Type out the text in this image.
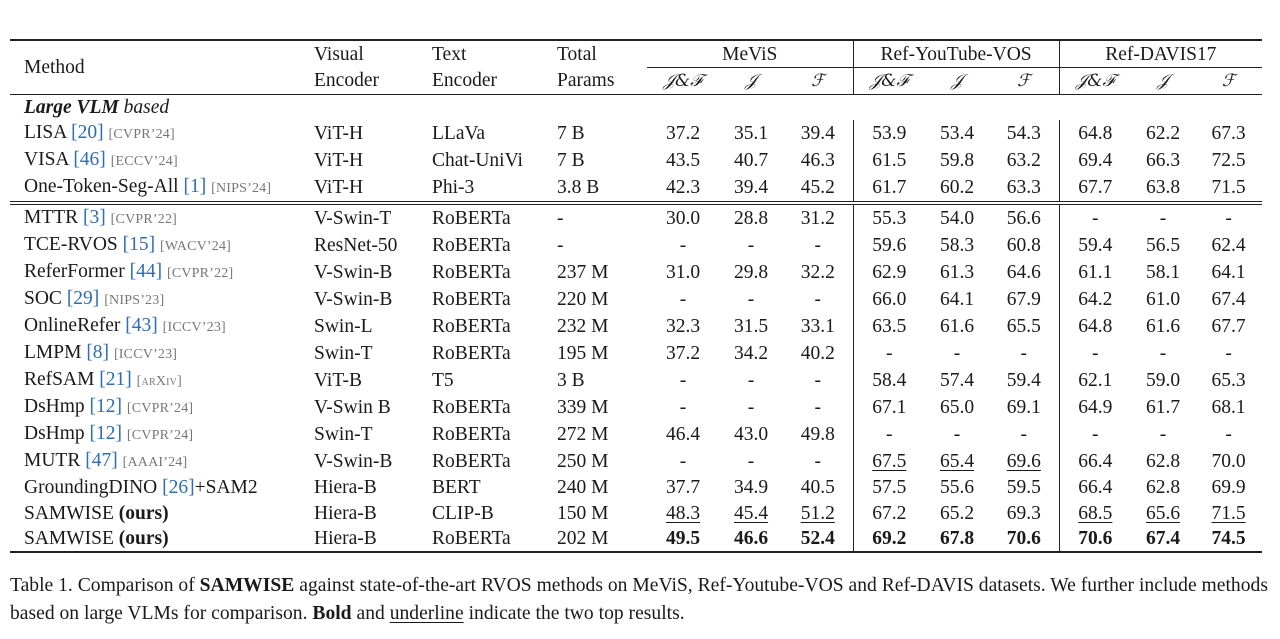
Method	Visual	Text	Total	MeViS			Ref-YouTube-VOS			Ref-DAVIS17		
	Encoder	Encoder	Params	𝒥&ℱ	𝒥	ℱ	𝒥&ℱ	𝒥	ℱ	𝒥&ℱ	𝒥	ℱ
Large VLM based												
LISA [20] [CVPR’24]	ViT-H	LLaVa	7 B	37.2	35.1	39.4	53.9	53.4	54.3	64.8	62.2	67.3
VISA [46] [ECCV’24]	ViT-H	Chat-UniVi	7 B	43.5	40.7	46.3	61.5	59.8	63.2	69.4	66.3	72.5
One-Token-Seg-All [1] [NIPS’24]	ViT-H	Phi-3	3.8 B	42.3	39.4	45.2	61.7	60.2	63.3	67.7	63.8	71.5
MTTR [3] [CVPR’22]	V-Swin-T	RoBERTa	-	30.0	28.8	31.2	55.3	54.0	56.6	-	-	-
TCE-RVOS [15] [WACV’24]	ResNet-50	RoBERTa	-	-	-	-	59.6	58.3	60.8	59.4	56.5	62.4
ReferFormer [44] [CVPR’22]	V-Swin-B	RoBERTa	237 M	31.0	29.8	32.2	62.9	61.3	64.6	61.1	58.1	64.1
SOC [29] [NIPS’23]	V-Swin-B	RoBERTa	220 M	-	-	-	66.0	64.1	67.9	64.2	61.0	67.4
OnlineRefer [43] [ICCV’23]	Swin-L	RoBERTa	232 M	32.3	31.5	33.1	63.5	61.6	65.5	64.8	61.6	67.7
LMPM [8] [ICCV’23]	Swin-T	RoBERTa	195 M	37.2	34.2	40.2	-	-	-	-	-	-
RefSAM [21] [arXiv]	ViT-B	T5	3 B	-	-	-	58.4	57.4	59.4	62.1	59.0	65.3
DsHmp [12] [CVPR’24]	V-Swin B	RoBERTa	339 M	-	-	-	67.1	65.0	69.1	64.9	61.7	68.1
DsHmp [12] [CVPR’24]	Swin-T	RoBERTa	272 M	46.4	43.0	49.8	-	-	-	-	-	-
MUTR [47] [AAAI’24]	V-Swin-B	RoBERTa	250 M	-	-	-	67.5	65.4	69.6	66.4	62.8	70.0
GroundingDINO [26]+SAM2	Hiera-B	BERT	240 M	37.7	34.9	40.5	57.5	55.6	59.5	66.4	62.8	69.9
SAMWISE (ours)	Hiera-B	CLIP-B	150 M	48.3	45.4	51.2	67.2	65.2	69.3	68.5	65.6	71.5
SAMWISE (ours)	Hiera-B	RoBERTa	202 M	49.5	46.6	52.4	69.2	67.8	70.6	70.6	67.4	74.5
Table 1. Comparison of SAMWISE against state-of-the-art RVOS methods on MeViS, Ref-Youtube-VOS and Ref-DAVIS datasets. We further include methods based on large VLMs for comparison. Bold and underline indicate the two top results.
